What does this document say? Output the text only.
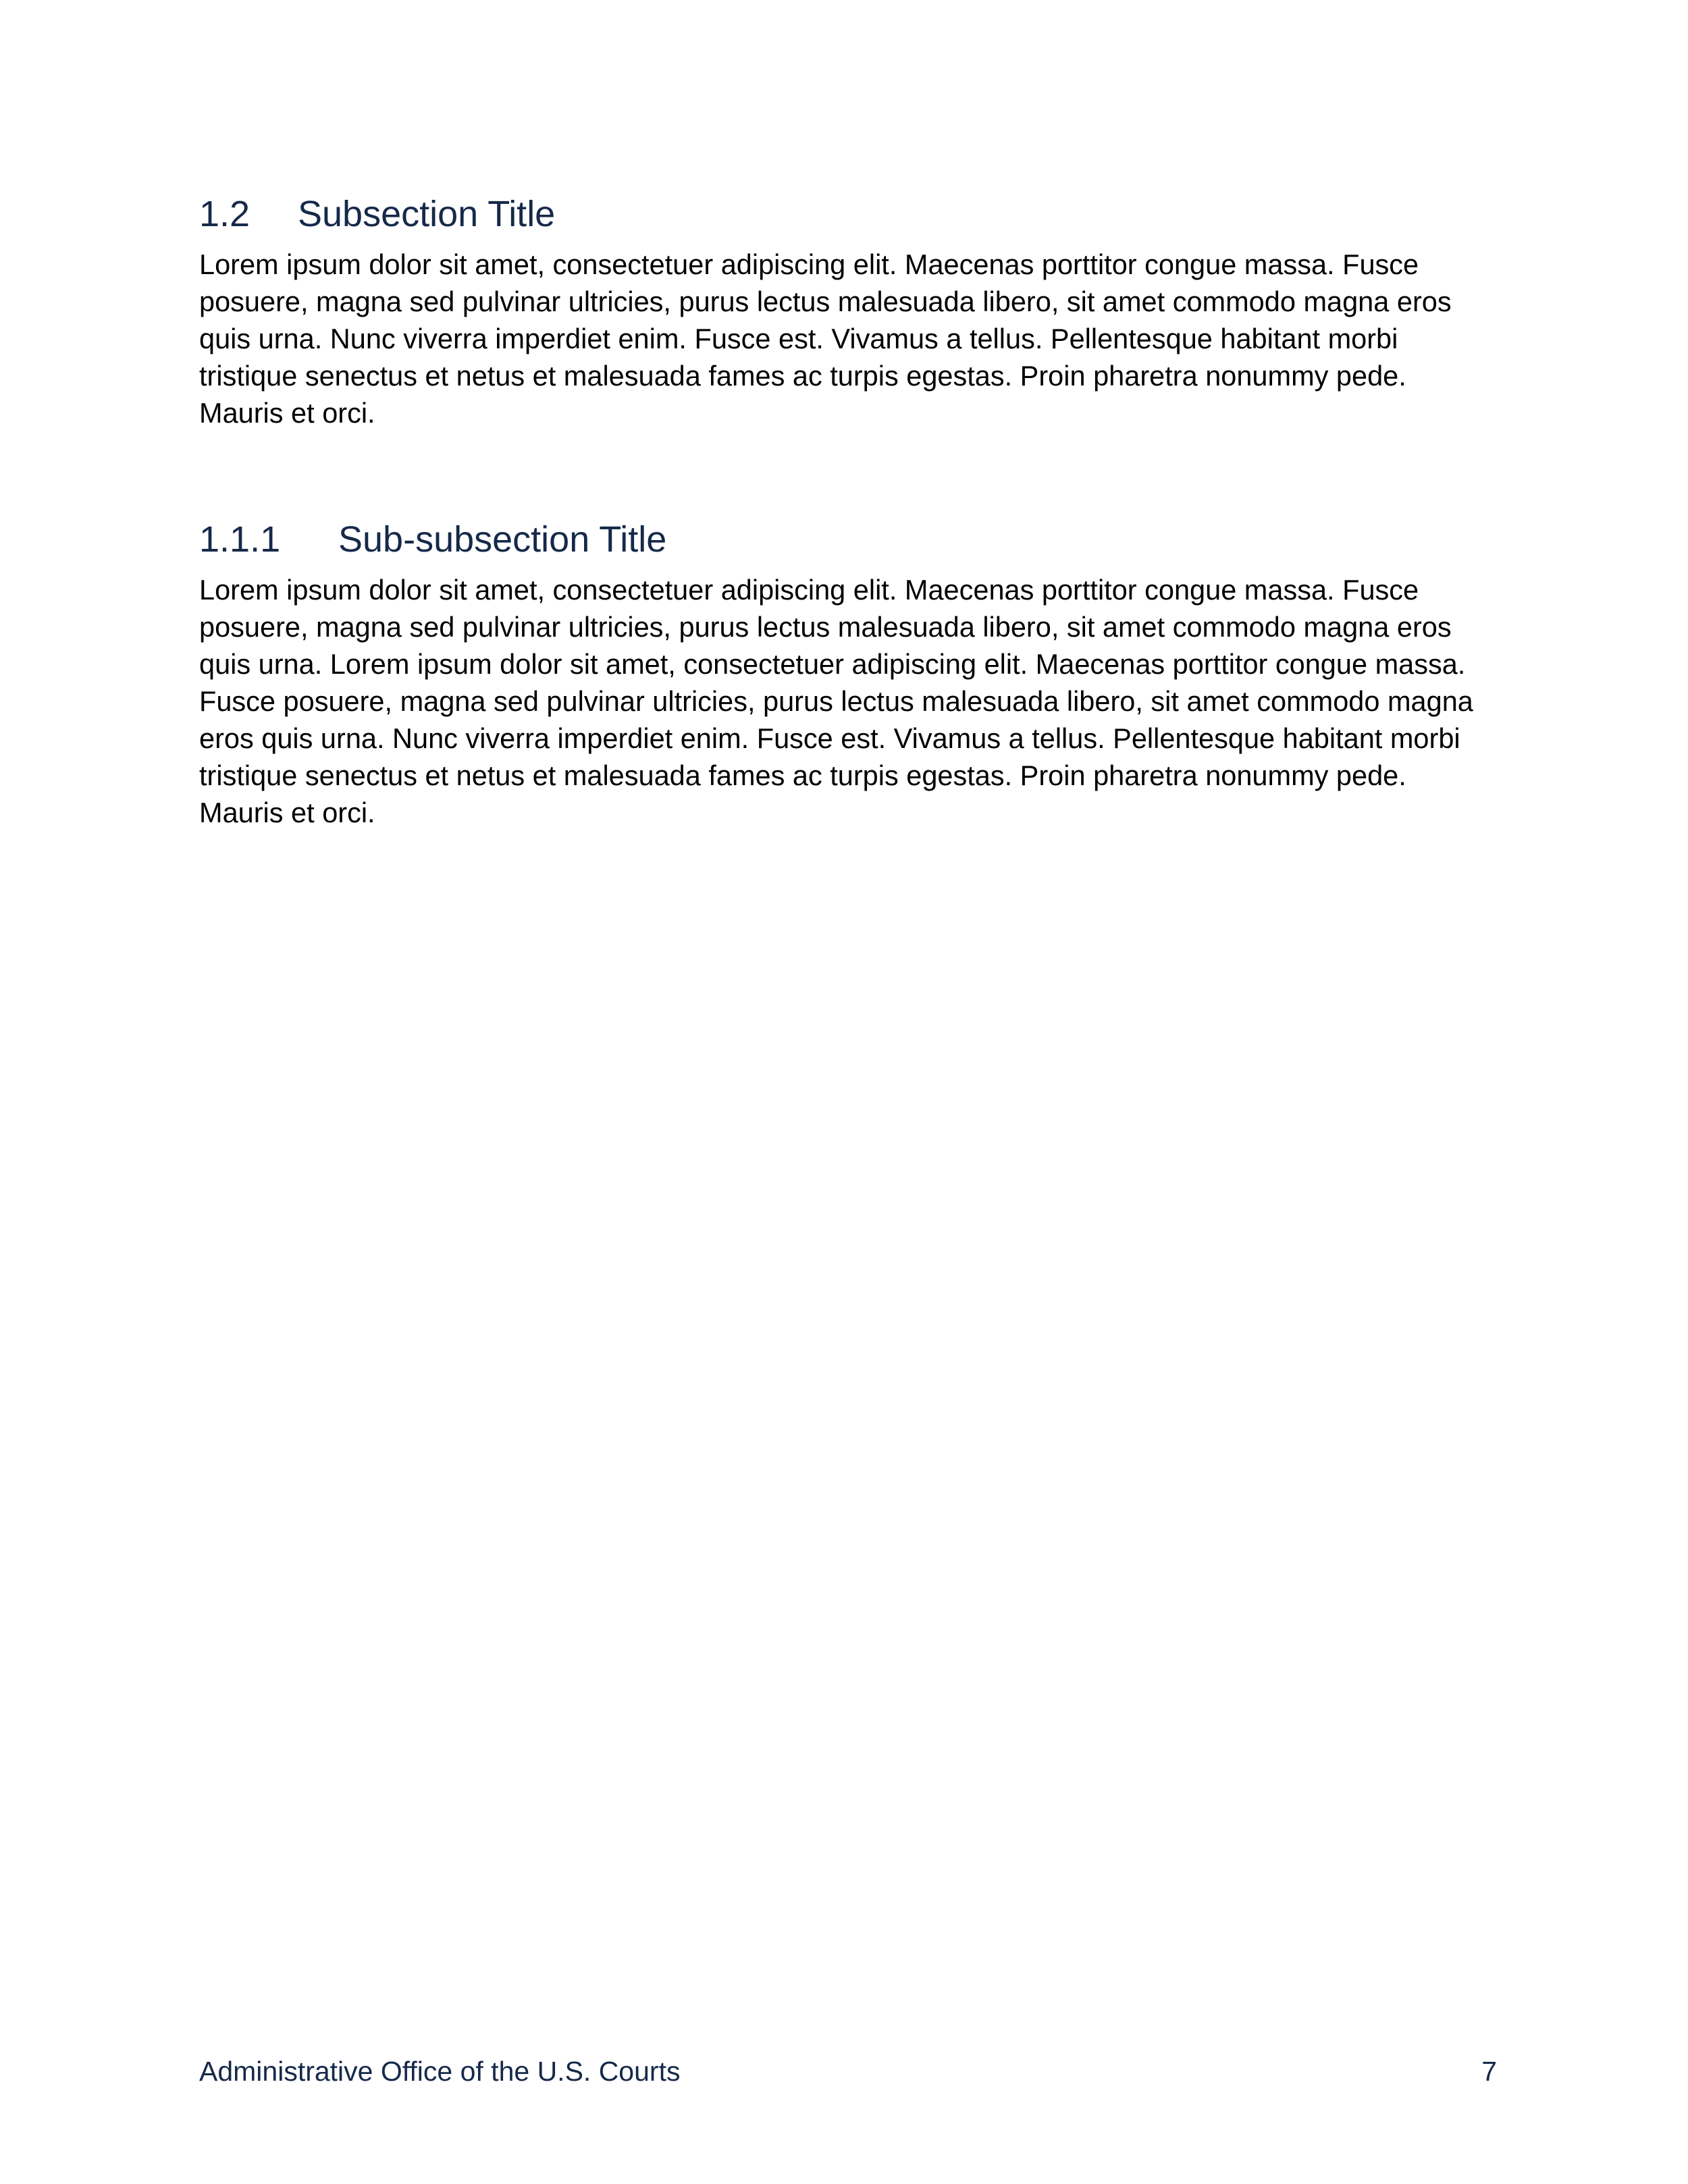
1.2	Subsection Title

Lorem ipsum dolor sit amet, consectetuer adipiscing elit. Maecenas porttitor congue massa. Fusce posuere, magna sed pulvinar ultricies, purus lectus malesuada libero, sit amet commodo magna eros quis urna. Nunc viverra imperdiet enim. Fusce est. Vivamus a tellus. Pellentesque habitant morbi tristique senectus et netus et malesuada fames ac turpis egestas. Proin pharetra nonummy pede. Mauris et orci.

1.1.1	Sub-subsection Title

Lorem ipsum dolor sit amet, consectetuer adipiscing elit. Maecenas porttitor congue massa. Fusce posuere, magna sed pulvinar ultricies, purus lectus malesuada libero, sit amet commodo magna eros quis urna. Lorem ipsum dolor sit amet, consectetuer adipiscing elit. Maecenas porttitor congue massa. Fusce posuere, magna sed pulvinar ultricies, purus lectus malesuada libero, sit amet commodo magna eros quis urna. Nunc viverra imperdiet enim. Fusce est. Vivamus a tellus. Pellentesque habitant morbi tristique senectus et netus et malesuada fames ac turpis egestas. Proin pharetra nonummy pede. Mauris et orci.

Administrative Office of the U.S. Courts	7
